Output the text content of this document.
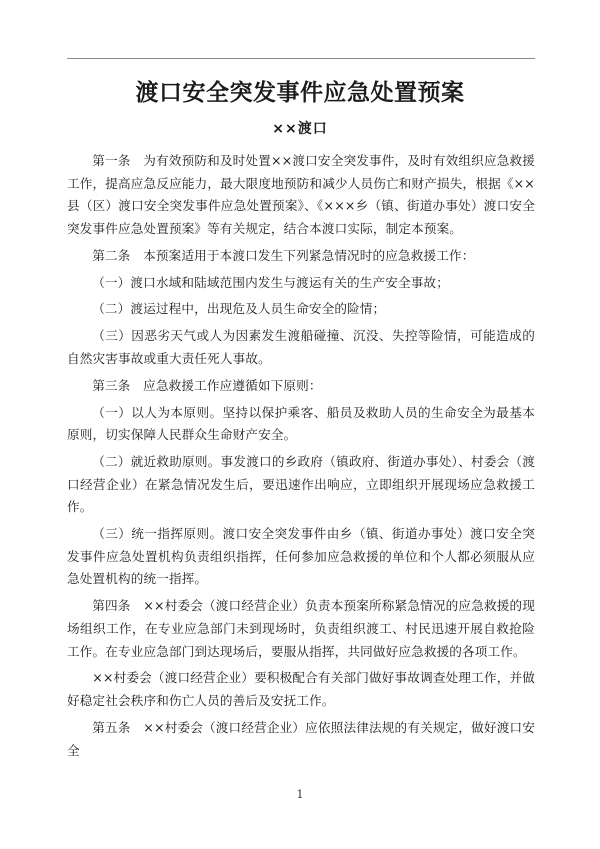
渡口安全突发事件应急处置预案
××渡口

第一条　为有效预防和及时处置××渡口安全突发事件，及时有效组织应急救援工作，提高应急反应能力，最大限度地预防和减少人员伤亡和财产损失，根据《××县（区）渡口安全突发事件应急处置预案》、《×××乡（镇、街道办事处）渡口安全突发事件应急处置预案》等有关规定，结合本渡口实际，制定本预案。

第二条　本预案适用于本渡口发生下列紧急情况时的应急救援工作：

（一）渡口水域和陆域范围内发生与渡运有关的生产安全事故；

（二）渡运过程中，出现危及人员生命安全的险情；

（三）因恶劣天气或人为因素发生渡船碰撞、沉没、失控等险情，可能造成的自然灾害事故或重大责任死人事故。

第三条　应急救援工作应遵循如下原则：

（一）以人为本原则。坚持以保护乘客、船员及救助人员的生命安全为最基本原则，切实保障人民群众生命财产安全。

（二）就近救助原则。事发渡口的乡政府（镇政府、街道办事处）、村委会（渡口经营企业）在紧急情况发生后，要迅速作出响应，立即组织开展现场应急救援工作。

（三）统一指挥原则。渡口安全突发事件由乡（镇、街道办事处）渡口安全突发事件应急处置机构负责组织指挥，任何参加应急救援的单位和个人都必须服从应急处置机构的统一指挥。

第四条　××村委会（渡口经营企业）负责本预案所称紧急情况的应急救援的现场组织工作，在专业应急部门未到现场时，负责组织渡工、村民迅速开展自救抢险工作。在专业应急部门到达现场后，要服从指挥，共同做好应急救援的各项工作。

××村委会（渡口经营企业）要积极配合有关部门做好事故调查处理工作，并做好稳定社会秩序和伤亡人员的善后及安抚工作。

第五条　××村委会（渡口经营企业）应依照法律法规的有关规定，做好渡口安全

1
